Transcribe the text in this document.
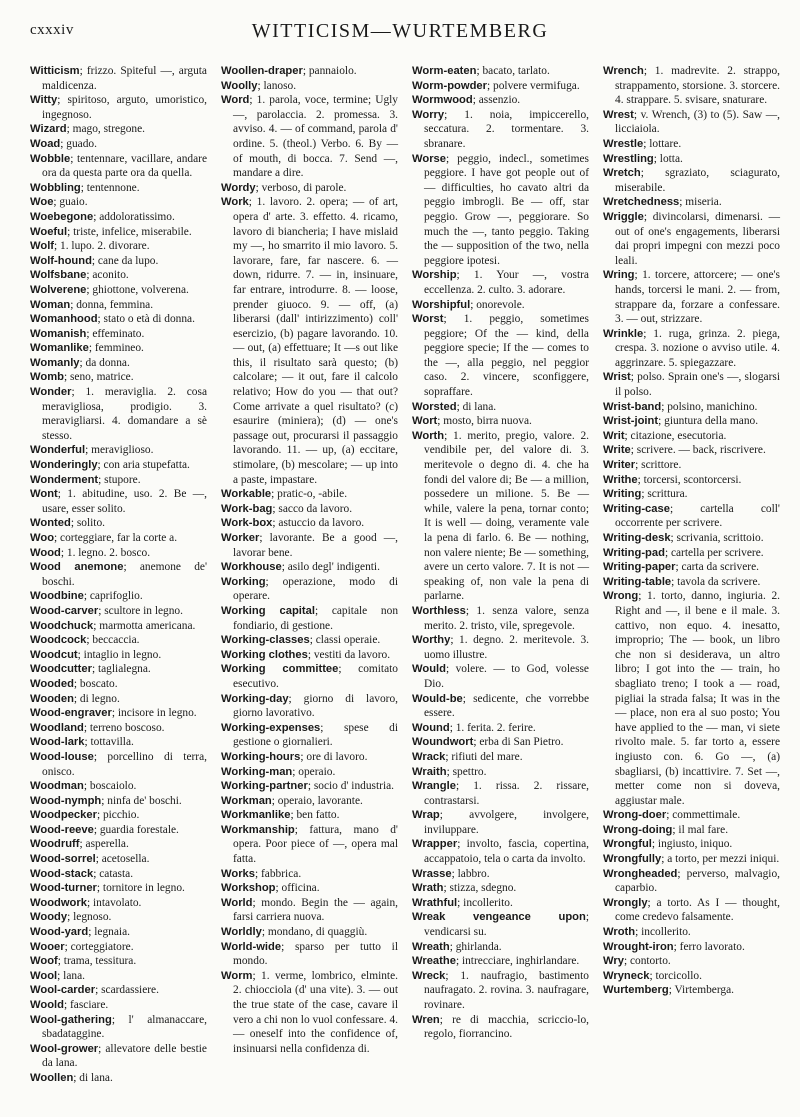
cxxxiv	WITTICISM—WURTEMBERG

Witticism; frizzo. Spiteful —, arguta maldicenza.

Witty; spiritoso, arguto, umoristico, ingegnoso.

Wizard; mago, stregone.

Woad; guado.

Wobble; tentennare, vacillare, andare ora da questa parte ora da quella.

Wobbling; tentennone.

Woe; guaio.

Woebegone; addoloratissimo.

Woeful; triste, infelice, miserabile.

Wolf; 1. lupo. 2. divorare.

Wolf-hound; cane da lupo.

Wolfsbane; aconito.

Wolverene; ghiottone, volverena.

Woman; donna, femmina.

Womanhood; stato o età di donna.

Womanish; effeminato.

Womanlike; femmineo.

Womanly; da donna.

Womb; seno, matrice.

Wonder; 1. meraviglia. 2. cosa meravigliosa, prodigio. 3. meravigliarsi. 4. domandare a sè stesso.

Wonderful; meraviglioso.

Wonderingly; con aria stupefatta.

Wonderment; stupore.

Wont; 1. abitudine, uso. 2. Be —, usare, esser solito.

Wonted; solito.

Woo; corteggiare, far la corte a.

Wood; 1. legno. 2. bosco.

Wood anemone; anemone de' boschi.

Woodbine; caprifoglio.

Wood-carver; scultore in legno.

Woodchuck; marmotta americana.

Woodcock; beccaccia.

Woodcut; intaglio in legno.

Woodcutter; taglialegna.

Wooded; boscato.

Wooden; di legno.

Wood-engraver; incisore in legno.

Woodland; terreno boscoso.

Wood-lark; tottavilla.

Wood-louse; porcellino di terra, onisco.

Woodman; boscaiolo.

Wood-nymph; ninfa de' boschi.

Woodpecker; picchio.

Wood-reeve; guardia forestale.

Woodruff; asperella.

Wood-sorrel; acetosella.

Wood-stack; catasta.

Wood-turner; tornitore in legno.

Woodwork; intavolato.

Woody; legnoso.

Wood-yard; legnaia.

Wooer; corteggiatore.

Woof; trama, tessitura.

Wool; lana.

Wool-carder; scardassiere.

Woold; fasciare.

Wool-gathering; l' almanaccare, sbadataggine.

Wool-grower; allevatore delle bestie da lana.

Woollen; di lana.

Woollen-draper; pannaiolo.

Woolly; lanoso.

Word; 1. parola, voce, termine; Ugly —, parolaccia. 2. promessa. 3. avviso. 4. — of command, parola d' ordine. 5. (theol.) Verbo. 6. By — of mouth, di bocca. 7. Send —, mandare a dire.

Wordy; verboso, di parole.

Work; 1. lavoro. 2. opera; — of art, opera d' arte. 3. effetto. 4. ricamo, lavoro di biancheria; I have mislaid my —, ho smarrito il mio lavoro. 5. lavorare, fare, far nascere. 6. — down, ridurre. 7. — in, insinuare, far entrare, introdurre. 8. — loose, prender giuoco. 9. — off, (a) liberarsi (dall' intirizzimento) coll' esercizio, (b) pagare lavorando. 10. — out, (a) effettuare; It —s out like this, il risultato sarà questo; (b) calcolare; — it out, fare il calcolo relativo; How do you — that out? Come arrivate a quel risultato? (c) esaurire (miniera); (d) — one's passage out, procurarsi il passaggio lavorando. 11. — up, (a) eccitare, stimolare, (b) mescolare; — up into a paste, impastare.

Workable; pratic-o, -abile.

Work-bag; sacco da lavoro.

Work-box; astuccio da lavoro.

Worker; lavorante. Be a good —, lavorar bene.

Workhouse; asilo degl' indigenti.

Working; operazione, modo di operare.

Working capital; capitale non fondiario, di gestione.

Working-classes; classi operaie.

Working clothes; vestiti da lavoro.

Working committee; comitato esecutivo.

Working-day; giorno di lavoro, giorno lavorativo.

Working-expenses; spese di gestione o giornalieri.

Working-hours; ore di lavoro.

Working-man; operaio.

Working-partner; socio d' industria.

Workman; operaio, lavorante.

Workmanlike; ben fatto.

Workmanship; fattura, mano d' opera. Poor piece of —, opera mal fatta.

Works; fabbrica.

Workshop; officina.

World; mondo. Begin the — again, farsi carriera nuova.

Worldly; mondano, di quaggiù.

World-wide; sparso per tutto il mondo.

Worm; 1. verme, lombrico, elminte. 2. chiocciola (d' una vite). 3. — out the true state of the case, cavare il vero a chi non lo vuol confessare. 4. — oneself into the confidence of, insinuarsi nella confidenza di.

Worm-eaten; bacato, tarlato.

Worm-powder; polvere vermifuga.

Wormwood; assenzio.

Worry; 1. noia, impiccerello, seccatura. 2. tormentare. 3. sbranare.

Worse; peggio, indecl., sometimes peggiore. I have got people out of — difficulties, ho cavato altri da peggio imbrogli. Be — off, star peggio. Grow —, peggiorare. So much the —, tanto peggio. Taking the — supposition of the two, nella peggiore ipotesi.

Worship; 1. Your —, vostra eccellenza. 2. culto. 3. adorare.

Worshipful; onorevole.

Worst; 1. peggio, sometimes peggiore; Of the — kind, della peggiore specie; If the — comes to the —, alla peggio, nel peggior caso. 2. vincere, sconfiggere, sopraffare.

Worsted; di lana.

Wort; mosto, birra nuova.

Worth; 1. merito, pregio, valore. 2. vendibile per, del valore di. 3. meritevole o degno di. 4. che ha fondi del valore di; Be — a million, possedere un milione. 5. Be — while, valere la pena, tornar conto; It is well — doing, veramente vale la pena di farlo. 6. Be — nothing, non valere niente; Be — something, avere un certo valore. 7. It is not — speaking of, non vale la pena di parlarne.

Worthless; 1. senza valore, senza merito. 2. tristo, vile, spregevole.

Worthy; 1. degno. 2. meritevole. 3. uomo illustre.

Would; volere. — to God, volesse Dio.

Would-be; sedicente, che vorrebbe essere.

Wound; 1. ferita. 2. ferire.

Woundwort; erba di San Pietro.

Wrack; rifiuti del mare.

Wraith; spettro.

Wrangle; 1. rissa. 2. rissare, contrastarsi.

Wrap; avvolgere, involgere, inviluppare.

Wrapper; involto, fascia, copertina, accappatoio, tela o carta da involto.

Wrasse; labbro.

Wrath; stizza, sdegno.

Wrathful; incollerito.

Wreak vengeance upon; vendicarsi su.

Wreath; ghirlanda.

Wreathe; intrecciare, inghirlandare.

Wreck; 1. naufragio, bastimento naufragato. 2. rovina. 3. naufragare, rovinare.

Wren; re di macchia, scriccio-lo, regolo, fiorrancino.

Wrench; 1. madrevite. 2. strappo, strappamento, storsione. 3. storcere. 4. strappare. 5. svisare, snaturare.

Wrest; v. Wrench, (3) to (5). Saw —, licciaiola.

Wrestle; lottare.

Wrestling; lotta.

Wretch; sgraziato, sciagurato, miserabile.

Wretchedness; miseria.

Wriggle; divincolarsi, dimenarsi. — out of one's engagements, liberarsi dai propri impegni con mezzi poco leali.

Wring; 1. torcere, attorcere; — one's hands, torcersi le mani. 2. — from, strappare da, forzare a confessare. 3. — out, strizzare.

Wrinkle; 1. ruga, grinza. 2. piega, crespa. 3. nozione o avviso utile. 4. aggrinzare. 5. spiegazzare.

Wrist; polso. Sprain one's —, slogarsi il polso.

Wrist-band; polsino, manichino.

Wrist-joint; giuntura della mano.

Writ; citazione, esecutoria.

Write; scrivere. — back, riscrivere.

Writer; scrittore.

Writhe; torcersi, scontorcersi.

Writing; scrittura.

Writing-case; cartella coll' occorrente per scrivere.

Writing-desk; scrivania, scrittoio.

Writing-pad; cartella per scrivere.

Writing-paper; carta da scrivere.

Writing-table; tavola da scrivere.

Wrong; 1. torto, danno, ingiuria. 2. Right and —, il bene e il male. 3. cattivo, non equo. 4. inesatto, improprio; The — book, un libro che non si desiderava, un altro libro; I got into the — train, ho sbagliato treno; I took a — road, pigliai la strada falsa; It was in the — place, non era al suo posto; You have applied to the — man, vi siete rivolto male. 5. far torto a, essere ingiusto con. 6. Go —, (a) sbagliarsi, (b) incattivire. 7. Set —, metter come non si doveva, aggiustar male.

Wrong-doer; commettimale.

Wrong-doing; il mal fare.

Wrongful; ingiusto, iniquo.

Wrongfully; a torto, per mezzi iniqui.

Wrongheaded; perverso, malvagio, caparbio.

Wrongly; a torto. As I — thought, come credevo falsamente.

Wroth; incollerito.

Wrought-iron; ferro lavorato.

Wry; contorto.

Wryneck; torcicollo.

Wurtemberg; Virtemberga.
